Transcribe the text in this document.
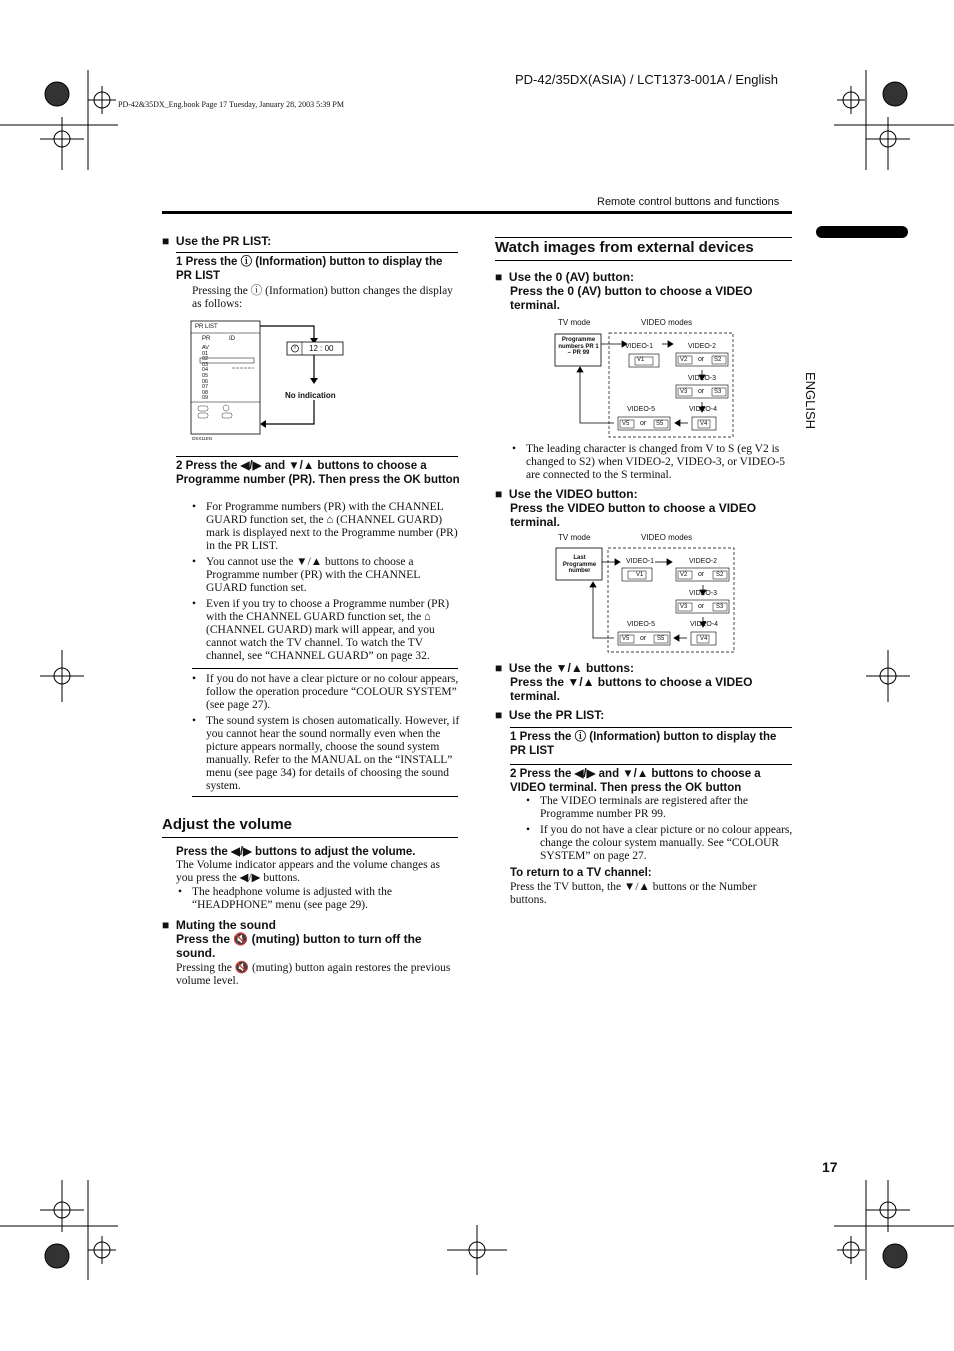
PD-42/35DX(ASIA) / LCT1373-001A / English
PD-42&35DX_Eng.book Page 17 Tuesday, January 28, 2003 5:39 PM
Remote control buttons and functions
ENGLISH
17
■  Use the PR LIST:
1 Press the ⓘ (Information) button to display the PR LIST
Pressing the ⓘ (Information) button changes the display as follows:
PR LIST
PR	ID
AV
01
02
03
04
05
06
07
08
09
12 : 00
No indication
DSX11EN
2 Press the ◀/▶ and ▼/▲ buttons to choose a Programme number (PR). Then press the OK button

• For Programme numbers (PR) with the CHANNEL GUARD function set, the ⌂ (CHANNEL GUARD) mark is displayed next to the Programme number (PR) in the PR LIST.

• You cannot use the ▼/▲ buttons to choose a Programme number (PR) with the CHANNEL GUARD function set.

• Even if you try to choose a Programme number (PR) with the CHANNEL GUARD function set, the ⌂ (CHANNEL GUARD) mark will appear, and you cannot watch the TV channel. To watch the TV channel, see “CHANNEL GUARD” on page 32.

• If you do not have a clear picture or no colour appears, follow the operation procedure “COLOUR SYSTEM” (see page 27).

• The sound system is chosen automatically. However, if you cannot hear the sound normally even when the picture appears normally, choose the sound system manually. Refer to the MANUAL on the “INSTALL” menu (see page 34) for details of choosing the sound system.

Adjust the volume
Press the ◀/▶ buttons to adjust the volume.
The Volume indicator appears and the volume changes as you press the ◀/▶ buttons.

• The headphone volume is adjusted with the “HEADPHONE” menu (see page 29).

■  Muting the sound
Press the 🔇 (muting) button to turn off the sound.
Pressing the 🔇 (muting) button again restores the previous volume level.
Watch images from external devices
■  Use the 0 (AV) button:
Press the 0 (AV) button to choose a VIDEO terminal.
TV mode	VIDEO modes
Programme numbers PR 1 – PR 99
VIDEO-1
V1
VIDEO-2
V2 or S2
VIDEO-3
V3 or S3
VIDEO-4
V4
VIDEO-5
V5 or S5

• The leading character is changed from V to S (eg V2 is changed to S2) when VIDEO-2, VIDEO-3, or VIDEO-5 are connected to the S terminal.

■  Use the VIDEO button:
Press the VIDEO button to choose a VIDEO terminal.
TV mode	VIDEO modes
Last Programme number
VIDEO-1
V1
VIDEO-2
V2 or S2
VIDEO-3
V3 or S3
VIDEO-4
V4
VIDEO-5
V5 or S5
■  Use the ▼/▲ buttons:
Press the ▼/▲ buttons to choose a VIDEO terminal.
■  Use the PR LIST:
1 Press the ⓘ (Information) button to display the PR LIST
2 Press the ◀/▶ and ▼/▲ buttons to choose a VIDEO terminal. Then press the OK button

• The VIDEO terminals are registered after the Programme number PR 99.

• If you do not have a clear picture or no colour appears, change the colour system manually. See “COLOUR SYSTEM” on page 27.

To return to a TV channel:
Press the TV button, the ▼/▲ buttons or the Number buttons.
